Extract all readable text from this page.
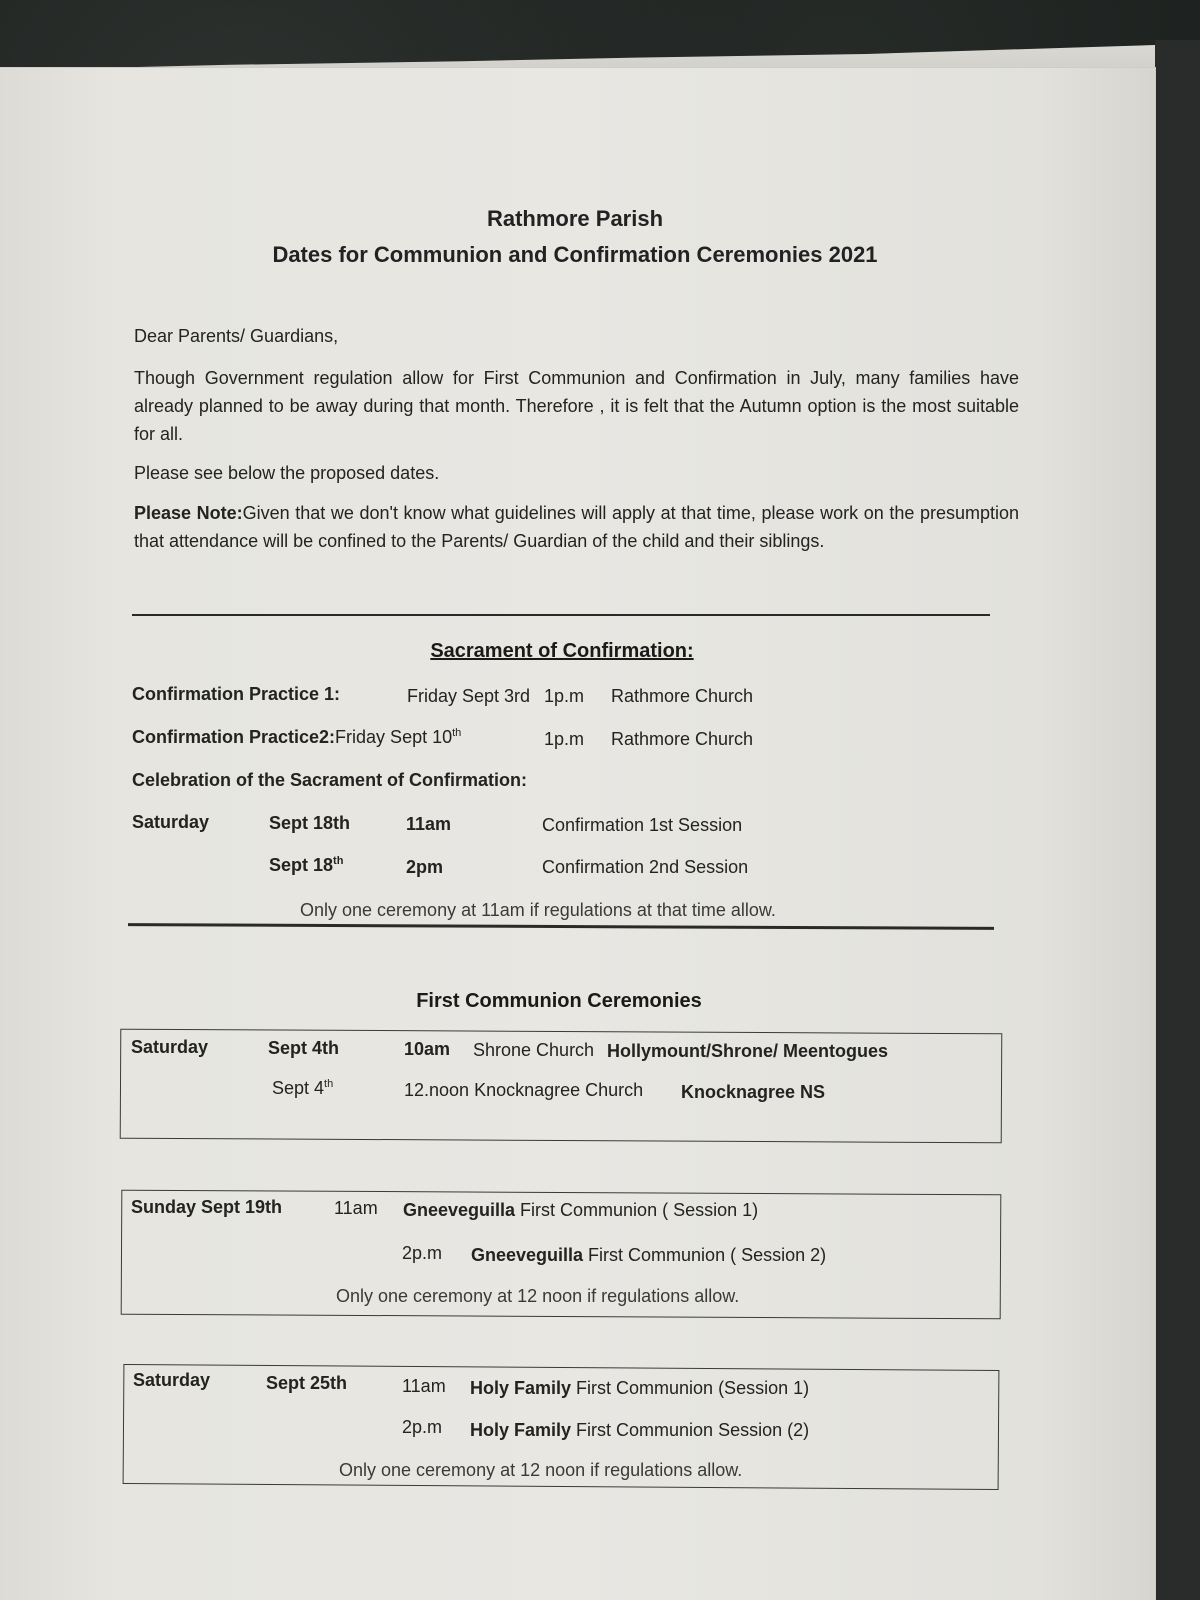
Rathmore Parish
Dates for Communion and Confirmation Ceremonies 2021
Dear Parents/ Guardians,
Though Government regulation allow for First Communion and Confirmation in July, many families have already planned to be away during that month. Therefore , it is felt that the Autumn option is the most suitable for all.
Please see below the proposed dates.
Please Note:Given that we don't know what guidelines will apply at that time, please work on the presumption that attendance will be confined to the Parents/ Guardian of the child and their siblings.
Sacrament of Confirmation:
Confirmation Practice 1:	Friday Sept 3rd 1p.m Rathmore Church
Confirmation Practice2:Friday Sept 10th	1p.m Rathmore Church
Celebration of the Sacrament of Confirmation:
Saturday	Sept 18th	11am	Confirmation 1st Session
Sept 18th	2pm	Confirmation 2nd Session
Only one ceremony at 11am if regulations at that time allow.
First Communion Ceremonies
Saturday	Sept 4th	10am Shrone Church Hollymount/Shrone/ Meentogues
Sept 4th	12.noon Knocknagree Church Knocknagree NS
Sunday Sept 19th	11am Gneeveguilla First Communion ( Session 1)
2p.m Gneeveguilla First Communion ( Session 2)
Only one ceremony at 12 noon if regulations allow.
Saturday	Sept 25th	11am Holy Family First Communion (Session 1)
2p.m Holy Family First Communion Session (2)
Only one ceremony at 12 noon if regulations allow.
